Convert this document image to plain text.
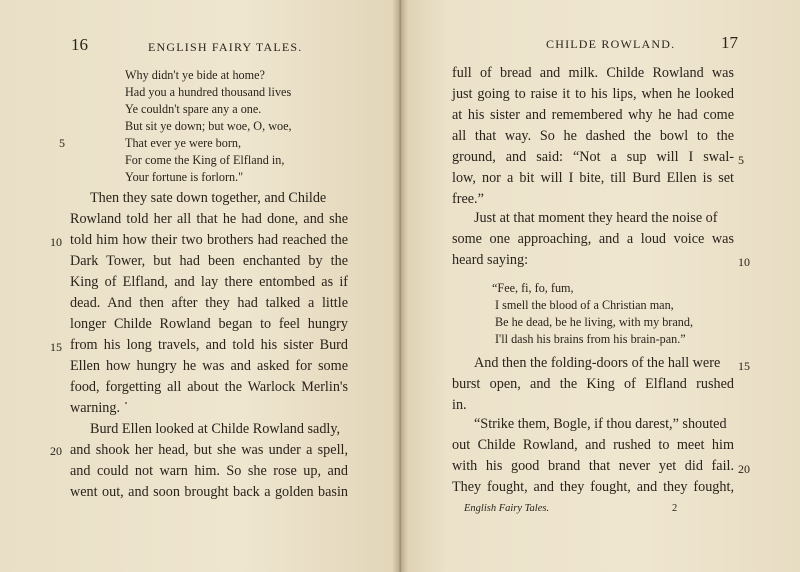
16	ENGLISH FAIRY TALES.
Why didn't ye bide at home?
Had you a hundred thousand lives
Ye couldn't spare any a one.
But sit ye down; but woe, O, woe,
That ever ye were born,
For come the King of Elfland in,
Your fortune is forlorn."
Then they sate down together, and Childe
Rowland told her all that he had done, and she
told him how their two brothers had reached the
Dark Tower, but had been enchanted by the
King of Elfland, and lay there entombed as if
dead. And then after they had talked a little
longer Childe Rowland began to feel hungry
from his long travels, and told his sister Burd
Ellen how hungry he was and asked for some
food, forgetting all about the Warlock Merlin's
warning.
Burd Ellen looked at Childe Rowland sadly,
and shook her head, but she was under a spell,
and could not warn him. So she rose up, and
went out, and soon brought back a golden basin
5
10
15
20
CHILDE ROWLAND.	17
full of bread and milk. Childe Rowland was
just going to raise it to his lips, when he looked
at his sister and remembered why he had come
all that way. So he dashed the bowl to the
ground, and said: “Not a sup will I swal-
low, nor a bit will I bite, till Burd Ellen is set
free.”
Just at that moment they heard the noise of
some one approaching, and a loud voice was
heard saying:
“Fee, fi, fo, fum,
I smell the blood of a Christian man,
Be he dead, be he living, with my brand,
I'll dash his brains from his brain-pan.”
And then the folding-doors of the hall were
burst open, and the King of Elfland rushed
in.
“Strike them, Bogle, if thou darest,” shouted
out Childe Rowland, and rushed to meet him
with his good brand that never yet did fail.
They fought, and they fought, and they fought,
5
10
15
20
English Fairy Tales.	2
